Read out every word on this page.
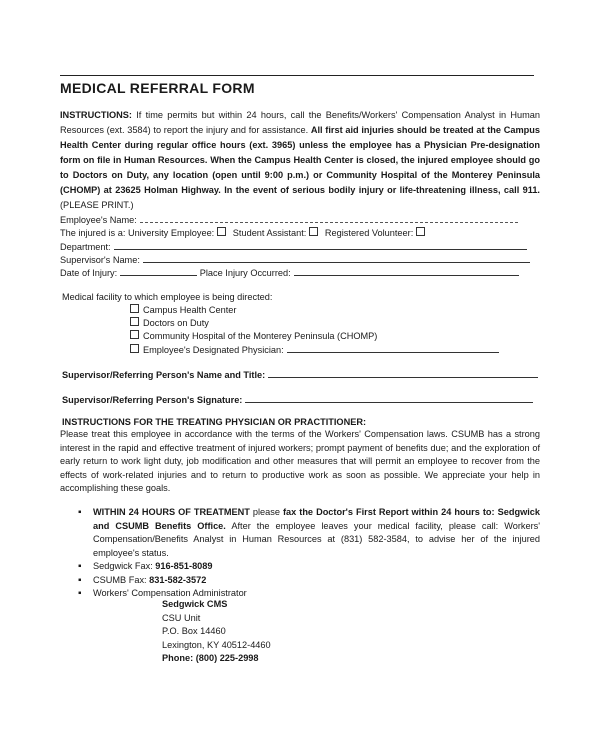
MEDICAL REFERRAL FORM
INSTRUCTIONS: If time permits but within 24 hours, call the Benefits/Workers' Compensation Analyst in Human Resources (ext. 3584) to report the injury and for assistance. All first aid injuries should be treated at the Campus Health Center during regular office hours (ext. 3965) unless the employee has a Physician Pre-designation form on file in Human Resources. When the Campus Health Center is closed, the injured employee should go to Doctors on Duty, any location (open until 9:00 p.m.) or Community Hospital of the Monterey Peninsula (CHOMP) at 23625 Holman Highway. In the event of serious bodily injury or life-threatening illness, call 911. (PLEASE PRINT.)
Employee's Name:
The injured is a:
University Employee:
Student Assistant:
Registered Volunteer:
Department:
Supervisor's Name:
Date of Injury:
	Place Injury Occurred:
Medical facility to which employee is being directed:
Campus Health Center
Doctors on Duty
Community Hospital of the Monterey Peninsula (CHOMP)
Employee's Designated Physician:
Supervisor/Referring Person's Name and Title:
Supervisor/Referring Person's Signature:
INSTRUCTIONS FOR THE TREATING PHYSICIAN OR PRACTITIONER:
Please treat this employee in accordance with the terms of the Workers' Compensation laws. CSUMB has a strong interest in the rapid and effective treatment of injured workers; prompt payment of benefits due; and the exploration of early return to work light duty, job modification and other measures that will permit an employee to recover from the effects of work-related injuries and to return to productive work as soon as possible. We appreciate your help in accomplishing these goals.
▪ WITHIN 24 HOURS OF TREATMENT please fax the Doctor's First Report within 24 hours to: Sedgwick and CSUMB Benefits Office. After the employee leaves your medical facility, please call: Workers' Compensation/Benefits Analyst in Human Resources at (831) 582-3584, to advise her of the injured employee's status.
▪ Sedgwick Fax: 916-851-8089
▪ CSUMB Fax: 831-582-3572
▪ Workers' Compensation Administrator
Sedgwick CMS
CSU Unit
P.O. Box 14460
Lexington, KY 40512-4460
Phone: (800) 225-2998
